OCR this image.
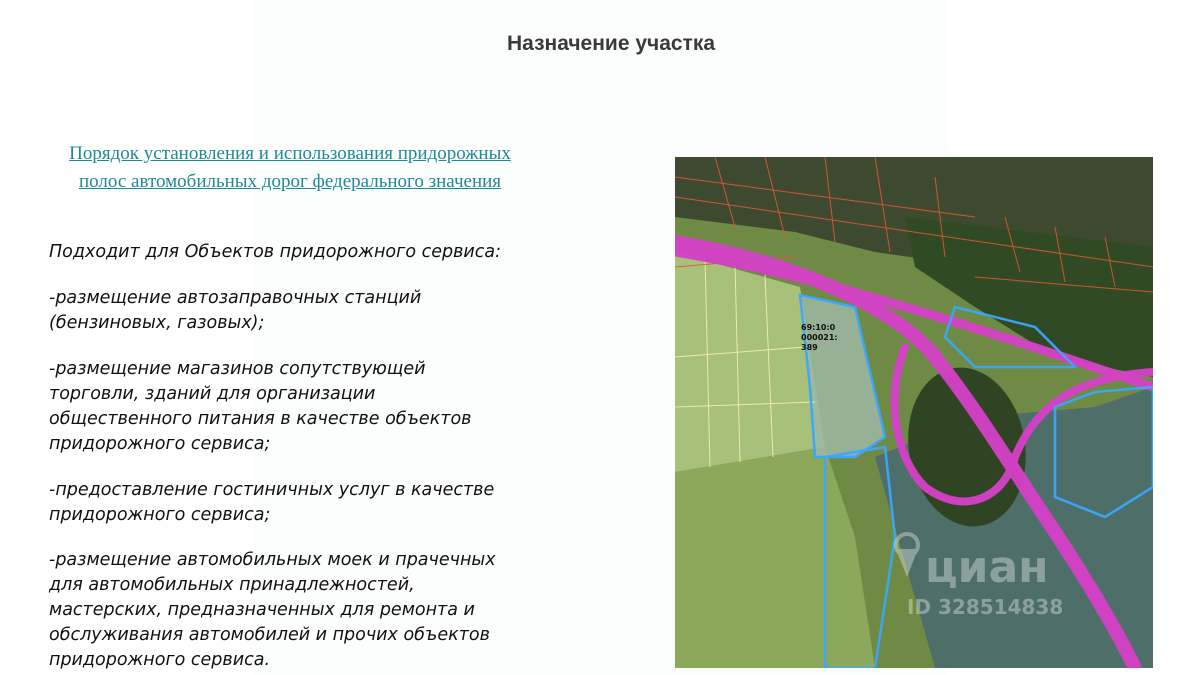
Назначение участка
Порядок установления и использования придорожных полос автомобильных дорог федерального значения
Подходит для Объектов придорожного сервиса:
-размещение автозаправочных станций
(бензиновых, газовых);
-размещение магазинов сопутствующей
торговли, зданий для организации
общественного питания в качестве объектов
придорожного сервиса;
-предоставление гостиничных услуг в качестве
придорожного сервиса;
-размещение автомобильных моек и прачечных
для автомобильных принадлежностей,
мастерских, предназначенных для ремонта и
обслуживания автомобилей и прочих объектов
придорожного сервиса.
69:10:0
000021:
389
циан
ID 328514838
